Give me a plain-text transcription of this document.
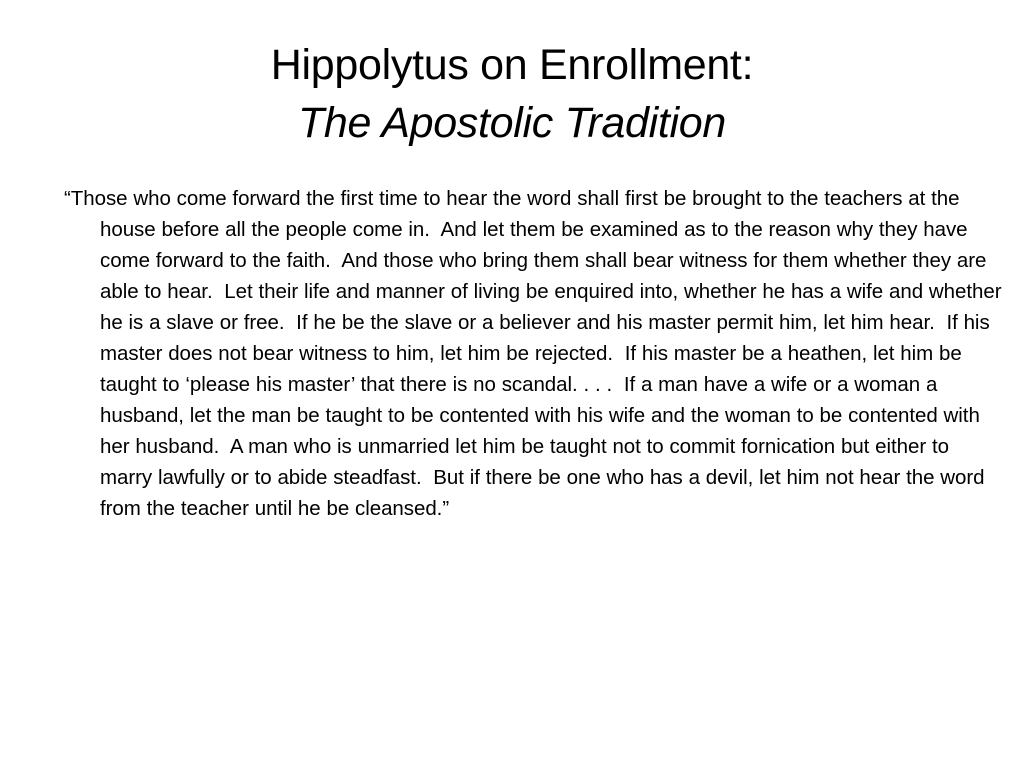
Hippolytus on Enrollment:
The Apostolic Tradition
“Those who come forward the first time to hear the word shall first be brought to the teachers at the house before all the people come in.  And let them be examined as to the reason why they have come forward to the faith.  And those who bring them shall bear witness for them whether they are able to hear.  Let their life and manner of living be enquired into, whether he has a wife and whether he is a slave or free.  If he be the slave or a believer and his master permit him, let him hear.  If his master does not bear witness to him, let him be rejected.  If his master be a heathen, let him be taught to ‘please his master’ that there is no scandal. . . .  If a man have a wife or a woman a husband, let the man be taught to be contented with his wife and the woman to be contented with her husband.  A man who is unmarried let him be taught not to commit fornication but either to marry lawfully or to abide steadfast.  But if there be one who has a devil, let him not hear the word from the teacher until he be cleansed.”
